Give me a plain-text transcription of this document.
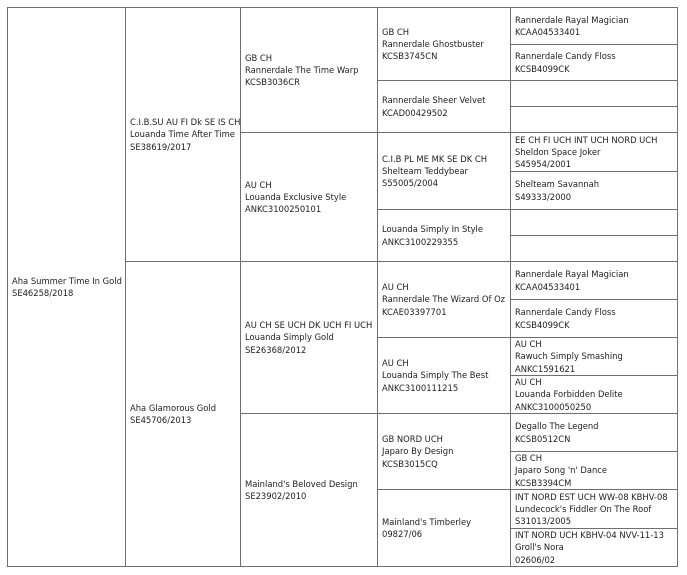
Aha Summer Time In Gold
SE46258/2018
C.I.B.SU AU FI Dk SE IS CH
Louanda Time After Time
SE38619/2017
Aha Glamorous Gold
SE45706/2013
GB CH
Rannerdale The Time Warp
KCSB3036CR
AU CH
Louanda Exclusive Style
ANKC3100250101
AU CH SE UCH DK UCH FI UCH
Louanda Simply Gold
SE26368/2012
Mainland's Beloved Design
SE23902/2010
GB CH
Rannerdale Ghostbuster
KCSB3745CN
Rannerdale Sheer Velvet
KCAD00429502
C.I.B PL ME MK SE DK CH
Shelteam Teddybear
S55005/2004
Louanda Simply In Style
ANKC3100229355
AU CH
Rannerdale The Wizard Of Oz
KCAE03397701
AU CH
Louanda Simply The Best
ANKC3100111215
GB NORD UCH
Japaro By Design
KCSB3015CQ
Mainland's Timberley
09827/06
Rannerdale Rayal Magician
KCAA04533401
Rannerdale Candy Floss
KCSB4099CK
EE CH FI UCH INT UCH NORD UCH
Sheldon Space Joker
S45954/2001
Shelteam Savannah
S49333/2000
Rannerdale Rayal Magician
KCAA04533401
Rannerdale Candy Floss
KCSB4099CK
AU CH
Rawuch Simply Smashing
ANKC1591621
AU CH
Louanda Forbidden Delite
ANKC3100050250
Degallo The Legend
KCSB0512CN
GB CH
Japaro Song 'n' Dance
KCSB3394CM
INT NORD EST UCH WW-08 KBHV-08
Lundecock's Fiddler On The Roof
S31013/2005
INT NORD UCH KBHV-04 NVV-11-13
Groll's Nora
02606/02
